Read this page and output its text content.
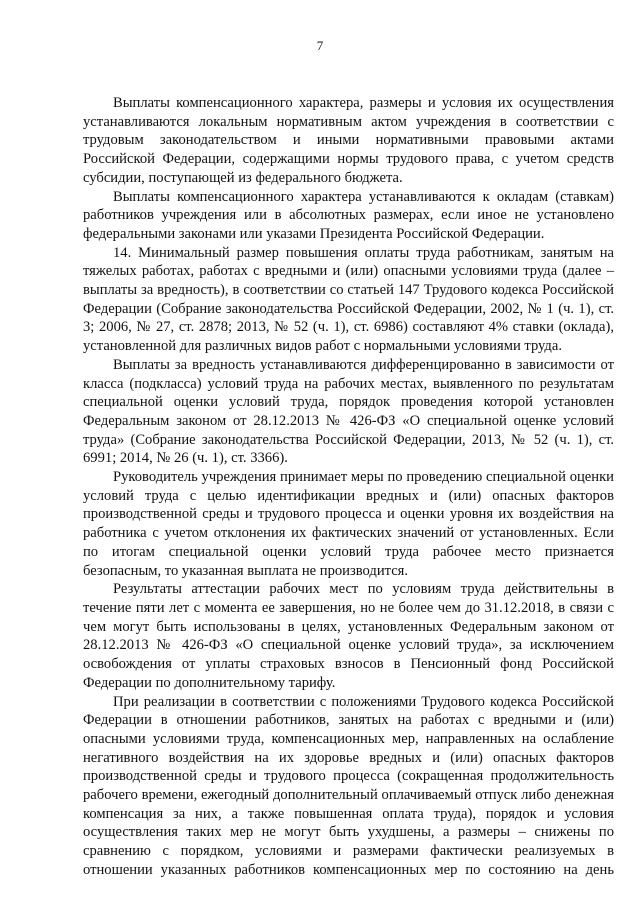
7

Выплаты компенсационного характера, размеры и условия их осуществления устанавливаются локальным нормативным актом учреждения в соответствии с трудовым законодательством и иными нормативными правовыми актами Российской Федерации, содержащими нормы трудового права, с учетом средств субсидии, поступающей из федерального бюджета.

Выплаты компенсационного характера устанавливаются к окладам (ставкам) работников учреждения или в абсолютных размерах, если иное не установлено федеральными законами или указами Президента Российской Федерации.

14. Минимальный размер повышения оплаты труда работникам, занятым на тяжелых работах, работах с вредными и (или) опасными условиями труда (далее – выплаты за вредность), в соответствии со статьей 147 Трудового кодекса Российской Федерации (Собрание законодательства Российской Федерации, 2002, № 1 (ч. 1), ст. 3; 2006, № 27, ст. 2878; 2013, № 52 (ч. 1), ст. 6986) составляют 4% ставки (оклада), установленной для различных видов работ с нормальными условиями труда.

Выплаты за вредность устанавливаются дифференцированно в зависимости от класса (подкласса) условий труда на рабочих местах, выявленного по результатам специальной оценки условий труда, порядок проведения которой установлен Федеральным законом от 28.12.2013 № 426-ФЗ «О специальной оценке условий труда» (Собрание законодательства Российской Федерации, 2013, № 52 (ч. 1), ст. 6991; 2014, № 26 (ч. 1), ст. 3366).

Руководитель учреждения принимает меры по проведению специальной оценки условий труда с целью идентификации вредных и (или) опасных факторов производственной среды и трудового процесса и оценки уровня их воздействия на работника с учетом отклонения их фактических значений от установленных. Если по итогам специальной оценки условий труда рабочее место признается безопасным, то указанная выплата не производится.

Результаты аттестации рабочих мест по условиям труда действительны в течение пяти лет с момента ее завершения, но не более чем до 31.12.2018, в связи с чем могут быть использованы в целях, установленных Федеральным законом от 28.12.2013 № 426-ФЗ «О специальной оценке условий труда», за исключением освобождения от уплаты страховых взносов в Пенсионный фонд Российской Федерации по дополнительному тарифу.

При реализации в соответствии с положениями Трудового кодекса Российской Федерации в отношении работников, занятых на работах с вредными и (или) опасными условиями труда, компенсационных мер, направленных на ослабление негативного воздействия на их здоровье вредных и (или) опасных факторов производственной среды и трудового процесса (сокращенная продолжительность рабочего времени, ежегодный дополнительный оплачиваемый отпуск либо денежная компенсация за них, а также повышенная оплата труда), порядок и условия осуществления таких мер не могут быть ухудшены, а размеры – снижены по сравнению с порядком, условиями и размерами фактически реализуемых в отношении указанных работников компенсационных мер по состоянию на день
